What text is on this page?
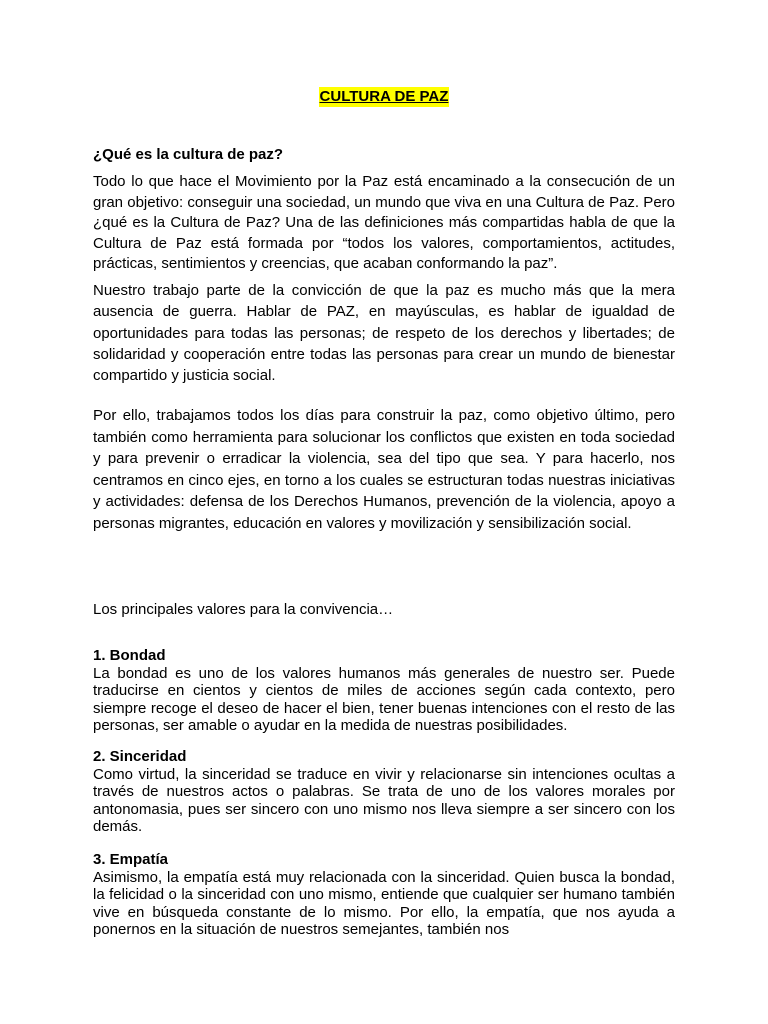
CULTURA DE PAZ
¿Qué es la cultura de paz?
Todo lo que hace el Movimiento por la Paz está encaminado a la consecución de un gran objetivo: conseguir una sociedad, un mundo que viva en una Cultura de Paz. Pero ¿qué es la Cultura de Paz? Una de las definiciones más compartidas habla de que la Cultura de Paz está formada por “todos los valores, comportamientos, actitudes, prácticas, sentimientos y creencias, que acaban conformando la paz”.
Nuestro trabajo parte de la convicción de que la paz es mucho más que la mera ausencia de guerra. Hablar de PAZ, en mayúsculas, es hablar de igualdad de oportunidades para todas las personas; de respeto de los derechos y libertades; de solidaridad y cooperación entre todas las personas para crear un mundo de bienestar compartido y justicia social.
Por ello, trabajamos todos los días para construir la paz, como objetivo último, pero también como herramienta para solucionar los conflictos que existen en toda sociedad y para prevenir o erradicar la violencia, sea del tipo que sea. Y para hacerlo, nos centramos en cinco ejes, en torno a los cuales se estructuran todas nuestras iniciativas y actividades: defensa de los Derechos Humanos, prevención de la violencia, apoyo a personas migrantes, educación en valores y movilización y sensibilización social.
Los principales valores para la convivencia…
1. Bondad
La bondad es uno de los valores humanos más generales de nuestro ser. Puede traducirse en cientos y cientos de miles de acciones según cada contexto, pero siempre recoge el deseo de hacer el bien, tener buenas intenciones con el resto de las personas, ser amable o ayudar en la medida de nuestras posibilidades.
2. Sinceridad
Como virtud, la sinceridad se traduce en vivir y relacionarse sin intenciones ocultas a través de nuestros actos o palabras. Se trata de uno de los valores morales por antonomasia, pues ser sincero con uno mismo nos lleva siempre a ser sincero con los demás.
3. Empatía
Asimismo, la empatía está muy relacionada con la sinceridad. Quien busca la bondad, la felicidad o la sinceridad con uno mismo, entiende que cualquier ser humano también vive en búsqueda constante de lo mismo. Por ello, la empatía, que nos ayuda a ponernos en la situación de nuestros semejantes, también nos
